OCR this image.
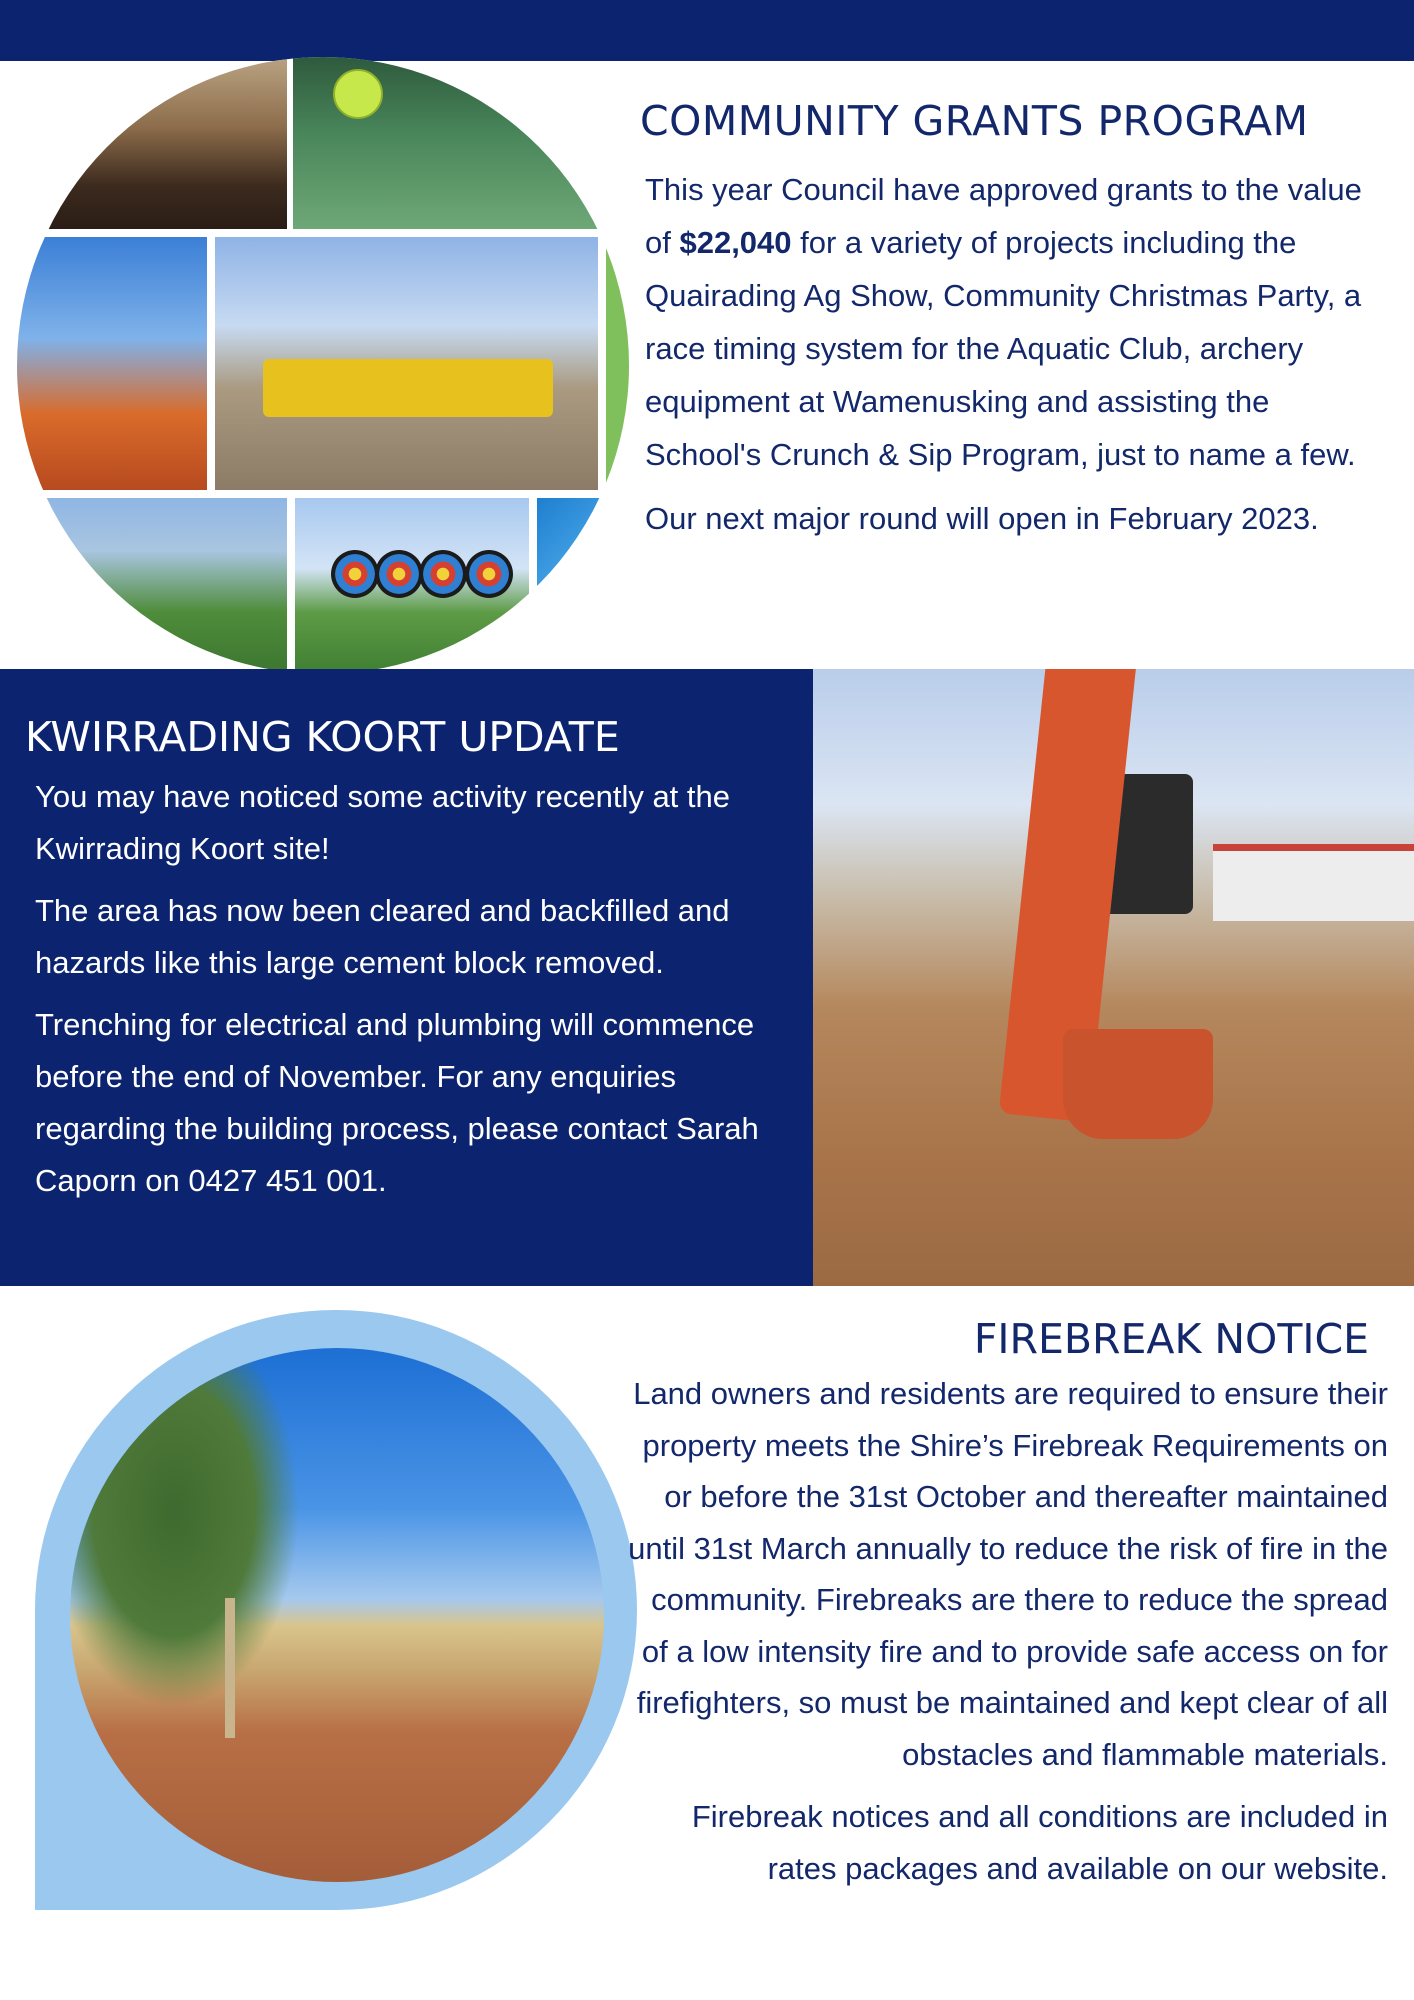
COMMUNITY GRANTS PROGRAM

This year Council have approved grants to the value of $22,040 for a variety of projects including the Quairading Ag Show, Community Christmas Party, a race timing system for the Aquatic Club, archery equipment at Wamenusking and assisting the School's Crunch & Sip Program, just to name a few.

Our next major round will open in February 2023.

KWIRRADING KOORT UPDATE

You may have noticed some activity recently at the Kwirrading Koort site!

The area has now been cleared and backfilled and hazards like this large cement block removed.

Trenching for electrical and plumbing will commence before the end of November. For any enquiries regarding the building process, please contact Sarah Caporn on 0427 451 001.

FIREBREAK NOTICE

Land owners and residents are required to ensure their property meets the Shire’s Firebreak Requirements on or before the 31st October and thereafter maintained until 31st March annually to reduce the risk of fire in the community. Firebreaks are there to reduce the spread of a low intensity fire and to provide safe access on for firefighters, so must be maintained and kept clear of all obstacles and flammable materials.

Firebreak notices and all conditions are included in rates packages and available on our website.
